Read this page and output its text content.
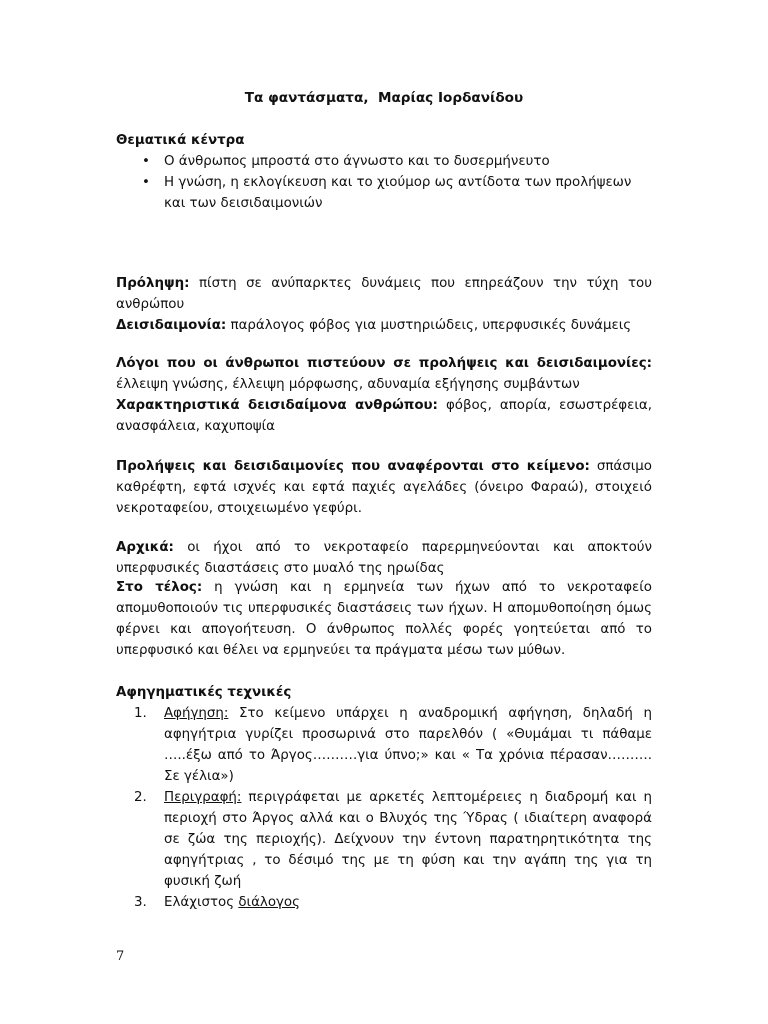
Τα φαντάσματα,  Μαρίας Ιορδανίδου
Θεματικά κέντρα
• Ο άνθρωπος μπροστά στο άγνωστο και το δυσερμήνευτο
• Η γνώση, η εκλογίκευση και το χιούμορ ως αντίδοτα των προλήψεων και των δεισιδαιμονιών
Πρόληψη: πίστη σε ανύπαρκτες δυνάμεις που επηρεάζουν την τύχη του ανθρώπου
Δεισιδαιμονία: παράλογος φόβος για μυστηριώδεις, υπερφυσικές δυνάμεις
Λόγοι που οι άνθρωποι πιστεύουν σε προλήψεις και δεισιδαιμονίες: έλλειψη γνώσης, έλλειψη μόρφωσης, αδυναμία εξήγησης συμβάντων
Χαρακτηριστικά δεισιδαίμονα ανθρώπου: φόβος, απορία, εσωστρέφεια, ανασφάλεια, καχυποψία
Προλήψεις και δεισιδαιμονίες που αναφέρονται στο κείμενο: σπάσιμο καθρέφτη, εφτά ισχνές και εφτά παχιές αγελάδες (όνειρο Φαραώ), στοιχειό νεκροταφείου, στοιχειωμένο γεφύρι.
Αρχικά: οι ήχοι από το νεκροταφείο παρερμηνεύονται και αποκτούν υπερφυσικές διαστάσεις στο μυαλό της ηρωίδας
Στο τέλος: η γνώση και η ερμηνεία των ήχων από το νεκροταφείο απομυθοποιούν τις υπερφυσικές διαστάσεις των ήχων. Η απομυθοποίηση όμως φέρνει και απογοήτευση. Ο άνθρωπος πολλές φορές γοητεύεται από το υπερφυσικό και θέλει να ερμηνεύει τα πράγματα μέσω των μύθων.
Αφηγηματικές τεχνικές
1. Αφήγηση: Στο κείμενο υπάρχει η αναδρομική αφήγηση, δηλαδή η αφηγήτρια γυρίζει προσωρινά στο παρελθόν ( «Θυμάμαι τι πάθαμε …..έξω από το Άργος……….για ύπνο;» και « Τα χρόνια πέρασαν………. Σε γέλια»)
2. Περιγραφή: περιγράφεται με αρκετές λεπτομέρειες η διαδρομή και η περιοχή στο Άργος αλλά και ο Βλυχός της Ύδρας ( ιδιαίτερη αναφορά σε ζώα της περιοχής). Δείχνουν την έντονη παρατηρητικότητα της αφηγήτριας , το δέσιμό της με τη φύση και την αγάπη της για τη φυσική ζωή
3. Ελάχιστος διάλογος
7
